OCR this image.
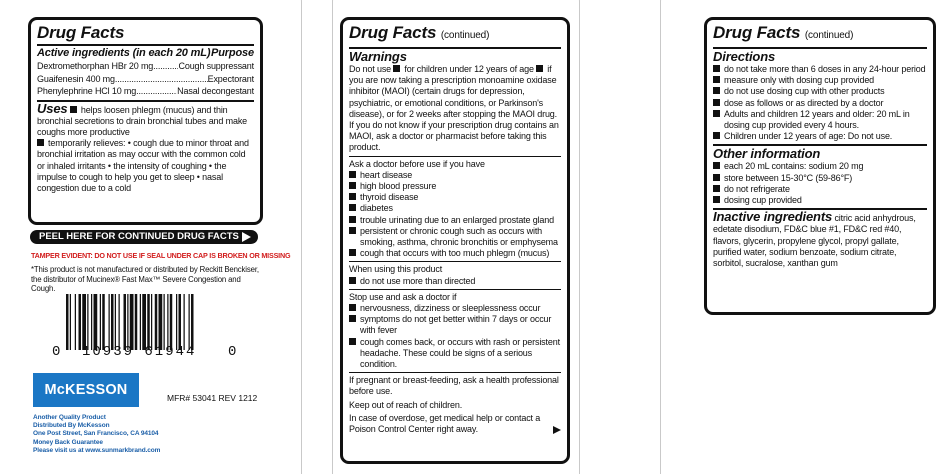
Drug Facts
Active ingredients (in each 20 mL) Purpose
Dextromethorphan HBr 20 mg .....	Cough suppressant
Guaifenesin 400 mg .....	Expectorant
Phenylephrine HCl 10 mg .....	Nasal decongestant
Uses helps loosen phlegm (mucus) and thin bronchial secretions to drain bronchial tubes and make coughs more productive
temporarily relieves: • cough due to minor throat and bronchial irritation as may occur with the common cold or inhaled irritants • the intensity of coughing • the impulse to cough to help you get to sleep • nasal congestion due to a cold
PEEL HERE FOR CONTINUED DRUG FACTS
TAMPER EVIDENT: DO NOT USE IF SEAL UNDER CAP IS BROKEN OR MISSING
*This product is not manufactured or distributed by Reckitt Benckiser, the distributor of Mucinex® Fast Max™ Severe Congestion and Cough.
0 10939 61944 0
McKESSON	MFR# 53041 REV 1212
Another Quality Product
Distributed By McKesson
One Post Street, San Francisco, CA 94104
Money Back Guarantee
Please visit us at www.sunmarkbrand.com
Drug Facts (continued)
Warnings
Do not use for children under 12 years of age if you are now taking a prescription monoamine oxidase inhibitor (MAOI) (certain drugs for depression, psychiatric, or emotional conditions, or Parkinson's disease), or for 2 weeks after stopping the MAOI drug. If you do not know if your prescription drug contains an MAOI, ask a doctor or pharmacist before taking this product.
Ask a doctor before use if you have
heart disease
high blood pressure
thyroid disease
diabetes
trouble urinating due to an enlarged prostate gland
persistent or chronic cough such as occurs with smoking, asthma, chronic bronchitis or emphysema
cough that occurs with too much phlegm (mucus)
When using this product
do not use more than directed
Stop use and ask a doctor if
nervousness, dizziness or sleeplessness occur
symptoms do not get better within 7 days or occur with fever
cough comes back, or occurs with rash or persistent headache. These could be signs of a serious condition.
If pregnant or breast-feeding, ask a health professional before use.
Keep out of reach of children.
In case of overdose, get medical help or contact a Poison Control Center right away.
Drug Facts (continued)
Directions
do not take more than 6 doses in any 24-hour period
measure only with dosing cup provided
do not use dosing cup with other products
dose as follows or as directed by a doctor
Adults and children 12 years and older: 20 mL in dosing cup provided every 4 hours.
Children under 12 years of age: Do not use.
Other information
each 20 mL contains: sodium 20 mg
store between 15-30°C (59-86°F)
do not refrigerate
dosing cup provided
Inactive ingredients citric acid anhydrous, edetate disodium, FD&C blue #1, FD&C red #40, flavors, glycerin, propylene glycol, propyl gallate, purified water, sodium benzoate, sodium citrate, sorbitol, sucralose, xanthan gum
